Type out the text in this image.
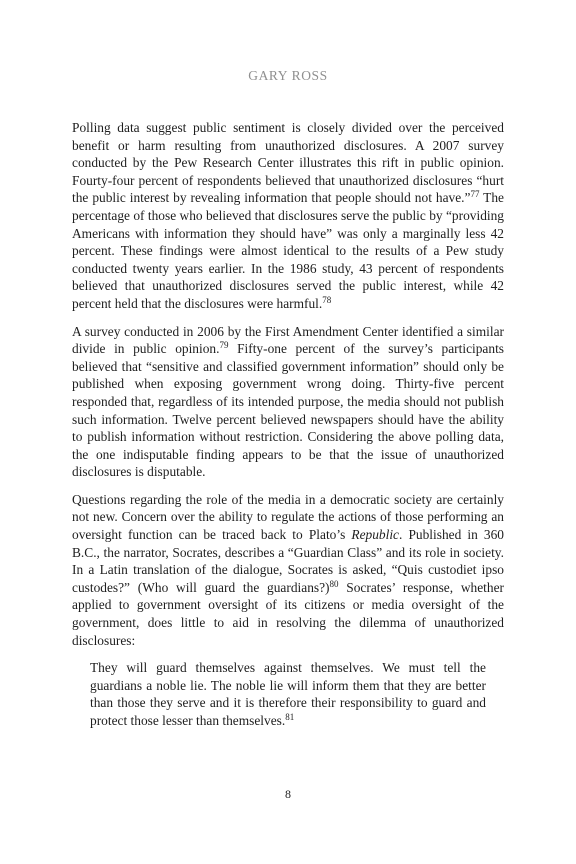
GARY ROSS

Polling data suggest public sentiment is closely divided over the perceived benefit or harm resulting from unauthorized disclosures. A 2007 survey conducted by the Pew Research Center illustrates this rift in public opinion. Fourty-four percent of respondents believed that unauthorized disclosures “hurt the public interest by revealing information that people should not have.”$^{77}$ The percentage of those who believed that disclosures serve the public by “providing Americans with information they should have” was only a marginally less 42 percent. These findings were almost identical to the results of a Pew study conducted twenty years earlier. In the 1986 study, 43 percent of respondents believed that unauthorized disclosures served the public interest, while 42 percent held that the disclosures were harmful.$^{78}$

A survey conducted in 2006 by the First Amendment Center identified a similar divide in public opinion.$^{79}$ Fifty-one percent of the survey’s participants believed that “sensitive and classified government information” should only be published when exposing government wrong doing. Thirty-five percent responded that, regardless of its intended purpose, the media should not publish such information. Twelve percent believed newspapers should have the ability to publish information without restriction. Considering the above polling data, the one indisputable finding appears to be that the issue of unauthorized disclosures is disputable.

Questions regarding the role of the media in a democratic society are certainly not new. Concern over the ability to regulate the actions of those performing an oversight function can be traced back to Plato’s Republic. Published in 360 B.C., the narrator, Socrates, describes a “Guardian Class” and its role in society. In a Latin translation of the dialogue, Socrates is asked, “Quis custodiet ipso custodes?” (Who will guard the guardians?)$^{80}$ Socrates’ response, whether applied to government oversight of its citizens or media oversight of the government, does little to aid in resolving the dilemma of unauthorized disclosures:

They will guard themselves against themselves. We must tell the guardians a noble lie. The noble lie will inform them that they are better than those they serve and it is therefore their responsibility to guard and protect those lesser than themselves.$^{81}$

8
